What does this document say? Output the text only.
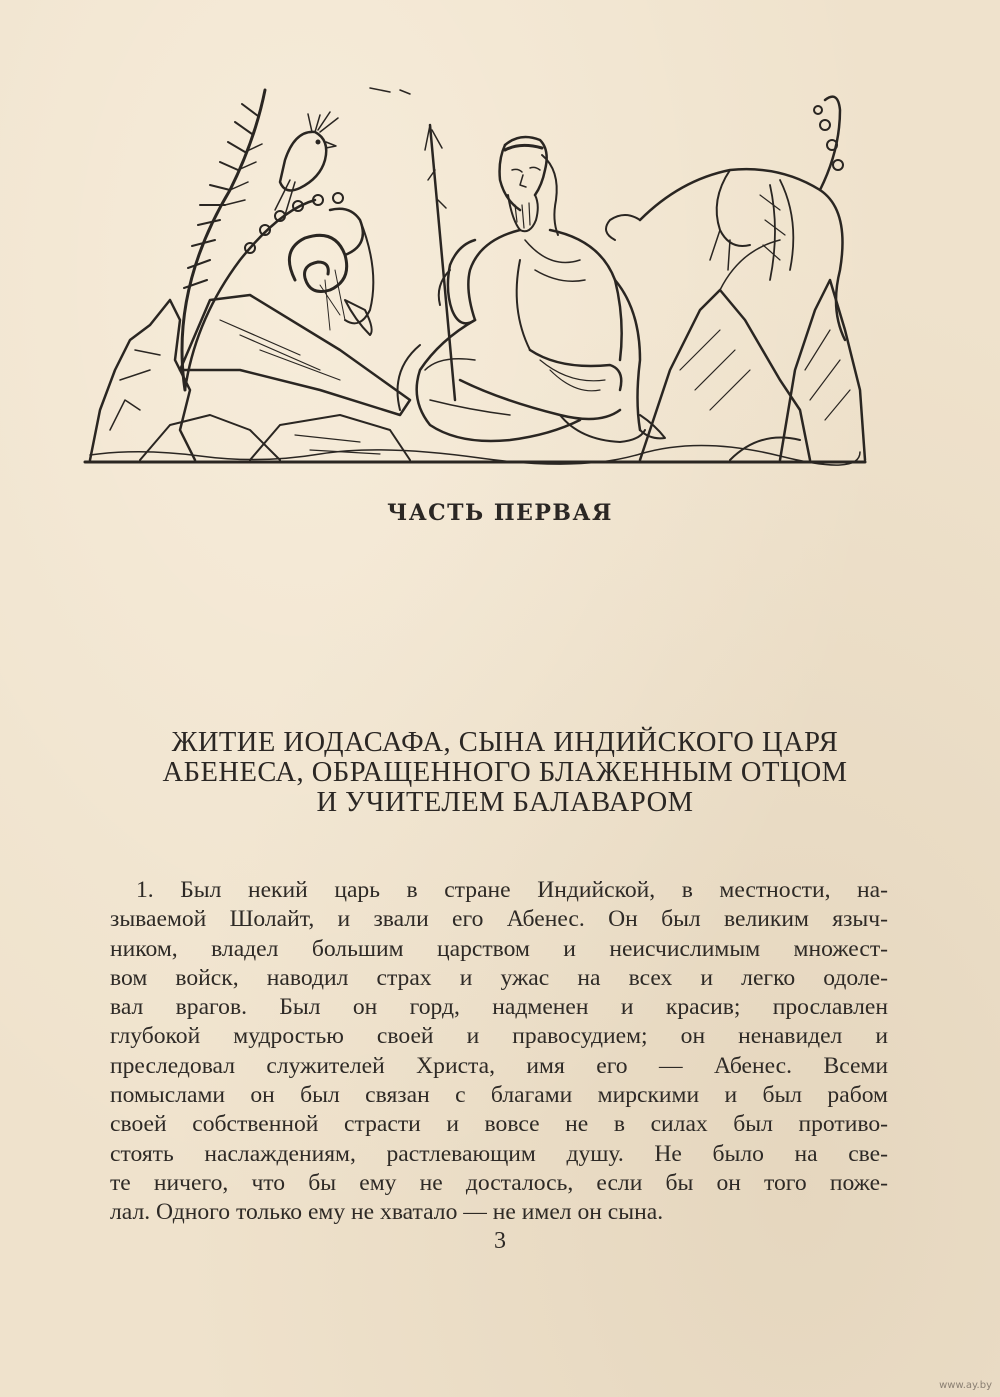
ЧАСТЬ ПЕРВАЯ
ЖИТИЕ ИОДАСАФА, СЫНА ИНДИЙСКОГО ЦАРЯ
АБЕНЕСА, ОБРАЩЕННОГО БЛАЖЕННЫМ ОТЦОМ
И УЧИТЕЛЕМ БАЛАВАРОМ
1. Был некий царь в стране Индийской, в местности, на-
зываемой Шолайт, и звали его Абенес. Он был великим языч-
ником, владел большим царством и неисчислимым множест-
вом войск, наводил страх и ужас на всех и легко одоле-
вал врагов. Был он горд, надменен и красив; прославлен
глубокой мудростью своей и правосудием; он ненавидел и
преследовал служителей Христа, имя его — Абенес. Всеми
помыслами он был связан с благами мирскими и был рабом
своей собственной страсти и вовсе не в силах был противо-
стоять наслаждениям, растлевающим душу. Не было на све-
те ничего, что бы ему не досталось, если бы он того поже-
лал. Одного только ему не хватало — не имел он сына.
3
www.ay.by
